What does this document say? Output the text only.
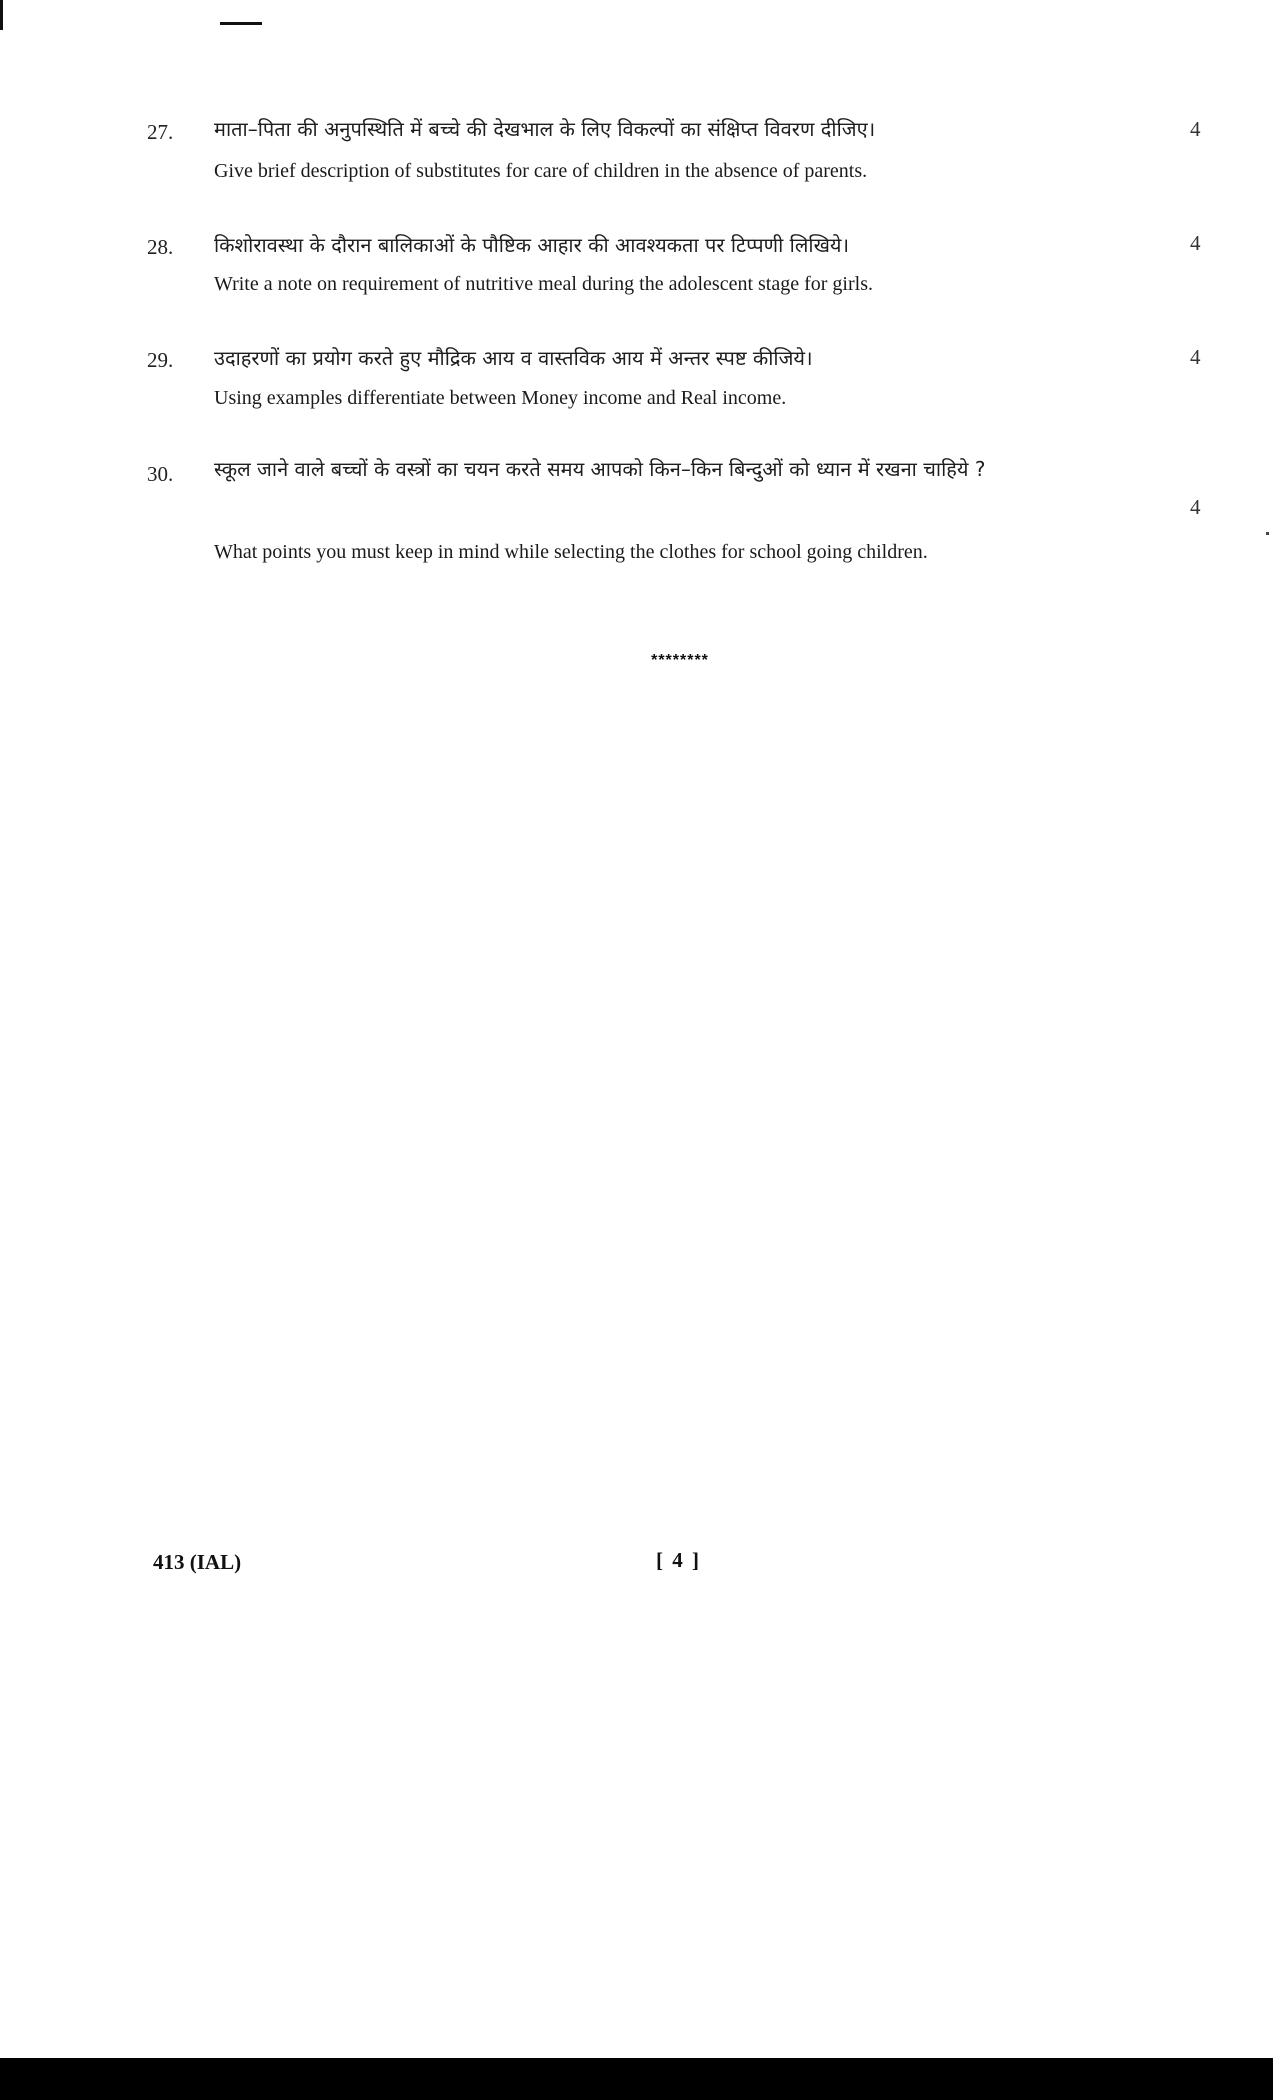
27. माता–पिता की अनुपस्थिति में बच्चे की देखभाल के लिए विकल्पों का संक्षिप्त विवरण दीजिए।	4
Give brief description of substitutes for care of children in the absence of parents.
28. किशोरावस्था के दौरान बालिकाओं के पौष्टिक आहार की आवश्यकता पर टिप्पणी लिखिये।	4
Write a note on requirement of nutritive meal during the adolescent stage for girls.
29. उदाहरणों का प्रयोग करते हुए मौद्रिक आय व वास्तविक आय में अन्तर स्पष्ट कीजिये।	4
Using examples differentiate between Money income and Real income.
30. स्कूल जाने वाले बच्चों के वस्त्रों का चयन करते समय आपको किन–किन बिन्दुओं को ध्यान में रखना चाहिये ?
4
What points you must keep in mind while selecting the clothes for school going children.
********
413 (IAL)	[ 4 ]
